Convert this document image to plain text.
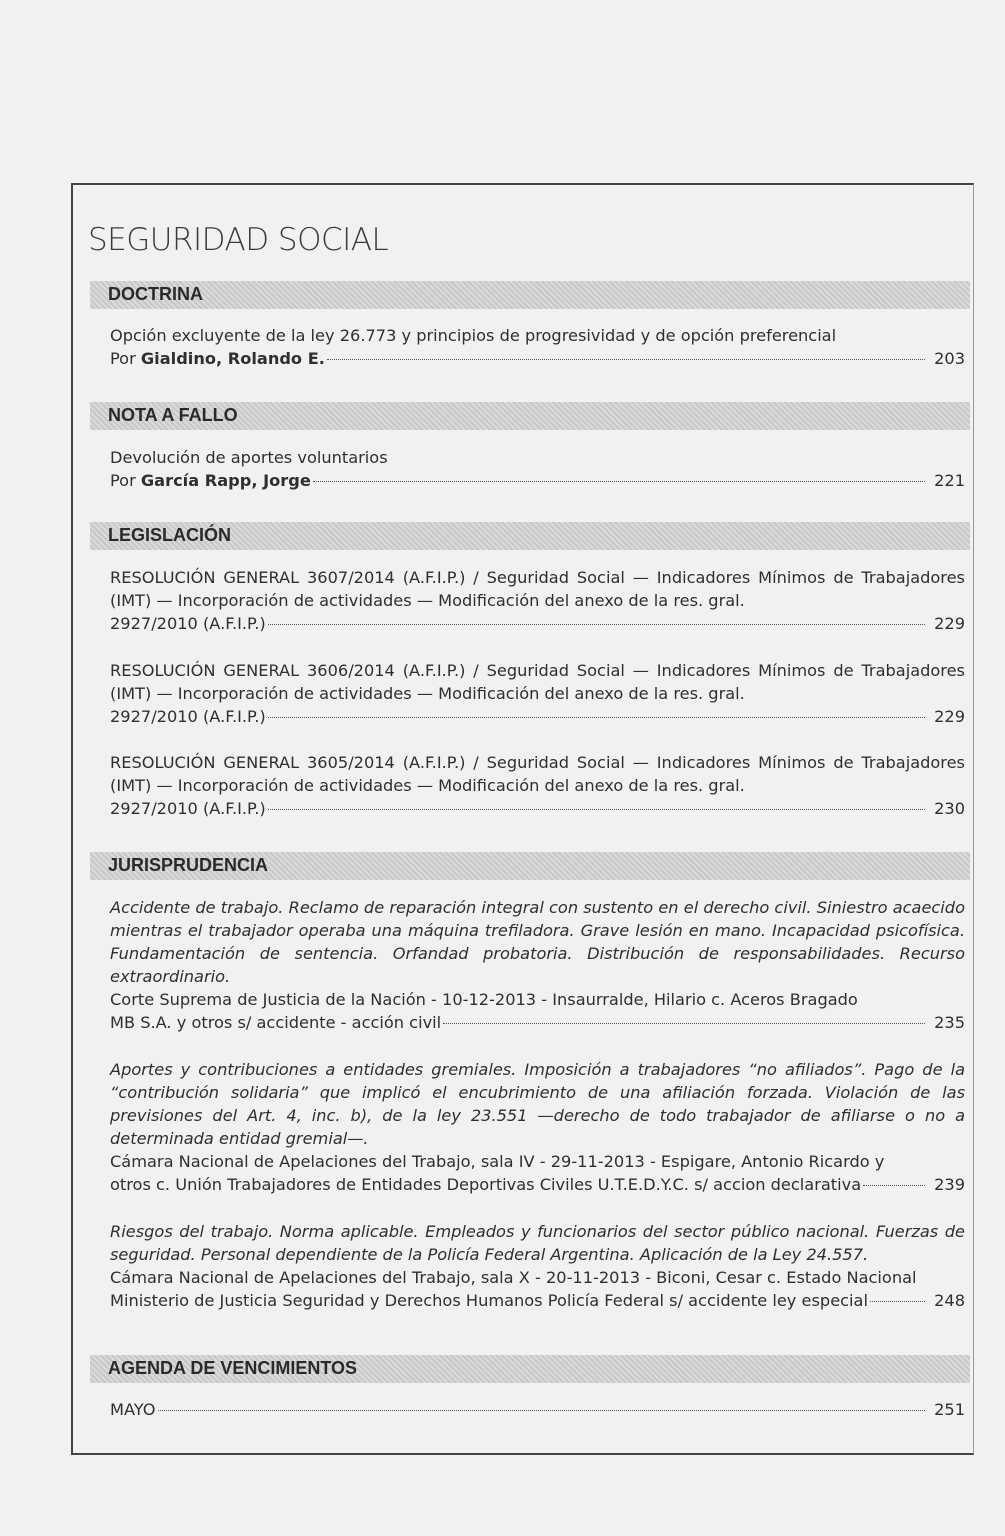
SEGURIDAD SOCIAL
DOCTRINA

Opción excluyente de la ley 26.773 y principios de progresividad y de opción preferencial

Por Gialdino, Rolando E.	203
NOTA A FALLO

Devolución de aportes voluntarios

Por García Rapp, Jorge	221
LEGISLACIÓN

RESOLUCIÓN GENERAL 3607/2014 (A.F.I.P.) / Seguridad Social — Indicadores Mínimos de Trabajadores (IMT) — Incorporación de actividades — Modificación del anexo de la res. gral.

2927/2010 (A.F.I.P.)	229

RESOLUCIÓN GENERAL 3606/2014 (A.F.I.P.) / Seguridad Social — Indicadores Mínimos de Trabajadores (IMT) — Incorporación de actividades — Modificación del anexo de la res. gral.

2927/2010 (A.F.I.P.)	229

RESOLUCIÓN GENERAL 3605/2014 (A.F.I.P.) / Seguridad Social — Indicadores Mínimos de Trabajadores (IMT) — Incorporación de actividades — Modificación del anexo de la res. gral.

2927/2010 (A.F.I.P.)	230
JURISPRUDENCIA

Accidente de trabajo. Reclamo de reparación integral con sustento en el derecho civil. Siniestro acaecido mientras el trabajador operaba una máquina trefiladora. Grave lesión en mano. Incapacidad psicofísica. Fundamentación de sentencia. Orfandad probatoria. Distribución de responsabilidades. Recurso extraordinario.

Corte Suprema de Justicia de la Nación - 10-12-2013 - Insaurralde, Hilario c. Aceros Bragado

MB S.A. y otros s/ accidente - acción civil	235

Aportes y contribuciones a entidades gremiales. Imposición a trabajadores “no afiliados”. Pago de la “contribución solidaria” que implicó el encubrimiento de una afiliación forzada. Violación de las previsiones del Art. 4, inc. b), de la ley 23.551 —derecho de todo trabajador de afiliarse o no a determinada entidad gremial—.

Cámara Nacional de Apelaciones del Trabajo, sala IV - 29-11-2013 - Espigare, Antonio Ricardo y

otros c. Unión Trabajadores de Entidades Deportivas Civiles U.T.E.D.Y.C. s/ accion declarativa	239

Riesgos del trabajo. Norma aplicable. Empleados y funcionarios del sector público nacional. Fuerzas de seguridad. Personal dependiente de la Policía Federal Argentina. Aplicación de la Ley 24.557.

Cámara Nacional de Apelaciones del Trabajo, sala X - 20-11-2013 - Biconi, Cesar c. Estado Nacional

Ministerio de Justicia Seguridad y Derechos Humanos Policía Federal s/ accidente ley especial	248
AGENDA DE VENCIMIENTOS
MAYO	251
